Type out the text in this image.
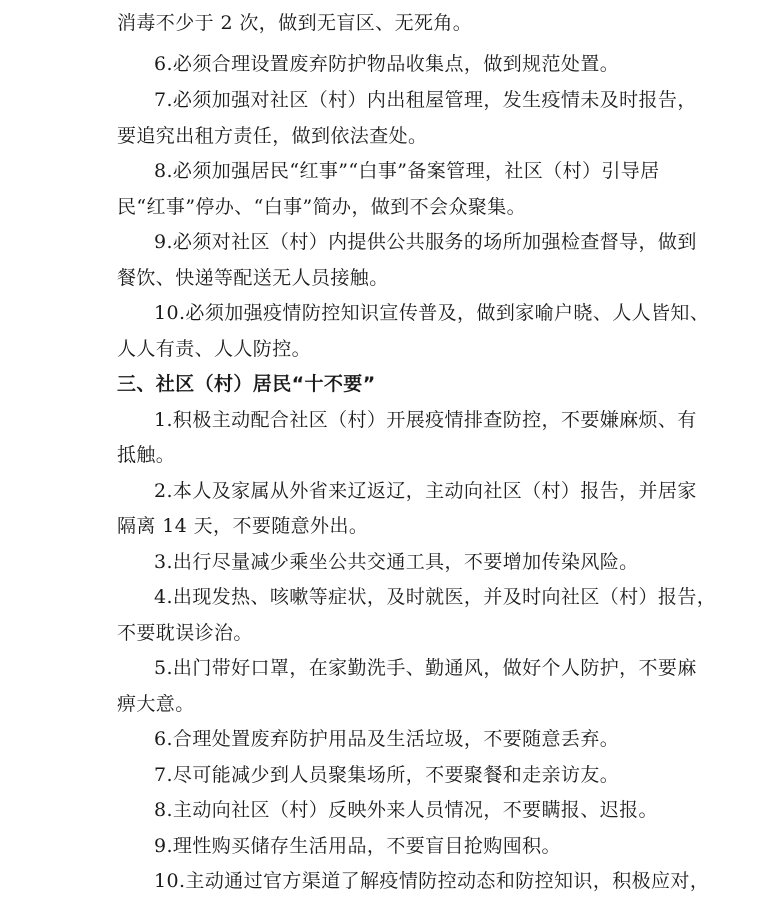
消毒不少于 2 次，做到无盲区、无死角。
6.必须合理设置废弃防护物品收集点，做到规范处置。
7.必须加强对社区（村）内出租屋管理，发生疫情未及时报告，
要追究出租方责任，做到依法查处。
8.必须加强居民“红事”“白事”备案管理，社区（村）引导居
民“红事”停办、“白事”简办，做到不会众聚集。
9.必须对社区（村）内提供公共服务的场所加强检查督导，做到
餐饮、快递等配送无人员接触。
10.必须加强疫情防控知识宣传普及，做到家喻户晓、人人皆知、
人人有责、人人防控。
三、社区（村）居民“十不要”
1.积极主动配合社区（村）开展疫情排查防控，不要嫌麻烦、有
抵触。
2.本人及家属从外省来辽返辽，主动向社区（村）报告，并居家
隔离 14 天，不要随意外出。
3.出行尽量减少乘坐公共交通工具，不要增加传染风险。
4.出现发热、咳嗽等症状，及时就医，并及时向社区（村）报告，
不要耽误诊治。
5.出门带好口罩，在家勤洗手、勤通风，做好个人防护，不要麻
痹大意。
6.合理处置废弃防护用品及生活垃圾，不要随意丢弃。
7.尽可能减少到人员聚集场所，不要聚餐和走亲访友。
8.主动向社区（村）反映外来人员情况，不要瞒报、迟报。
9.理性购买储存生活用品，不要盲目抢购囤积。
10.主动通过官方渠道了解疫情防控动态和防控知识，积极应对，
